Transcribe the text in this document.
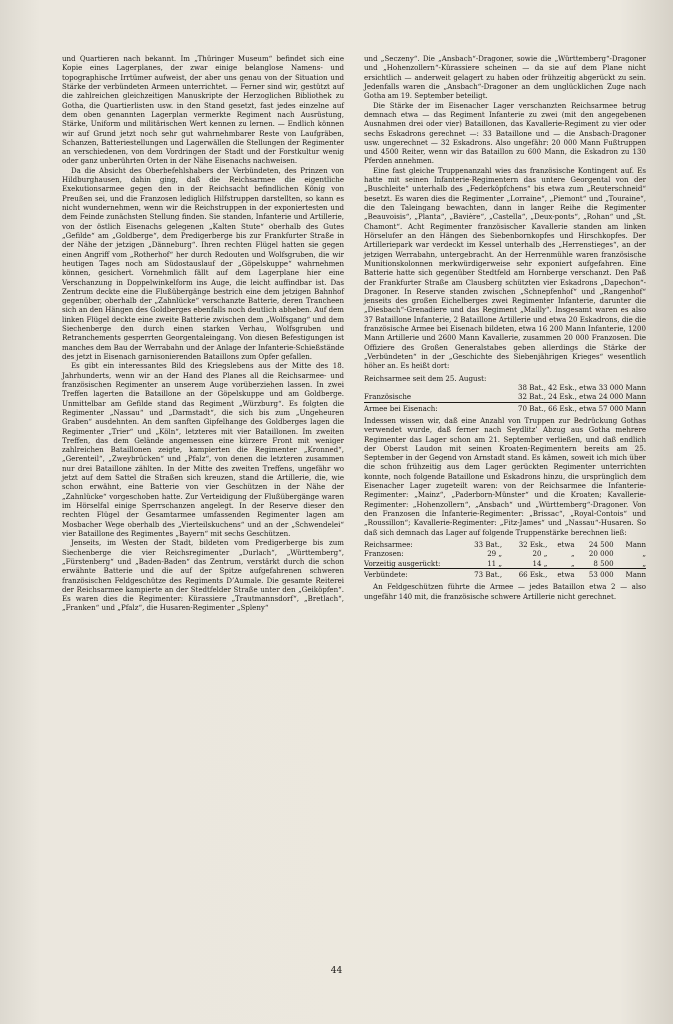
und Quartieren nach bekannt. Im „Thüringer Museum“ befindet sich eine Kopie eines Lagerplanes, der zwar einige belanglose Namens- und topographische Irrtümer aufweist, der aber uns genau von der Situation und Stärke der verbündeten Armeen unterrichtet. — Ferner sind wir, gestützt auf die zahlreichen gleichzeitigen Manuskripte der Herzoglichen Bibliothek zu Gotha, die Quartierlisten usw. in den Stand gesetzt, fast jedes einzelne auf dem oben genannten Lagerplan vermerkte Regiment nach Ausrüstung, Stärke, Uniform und militärischen Wert kennen zu lernen. — Endlich können wir auf Grund jetzt noch sehr gut wahrnehmbarer Reste von Laufgräben, Schanzen, Batteriestellungen und Lagerwällen die Stellungen der Regimenter an verschiedenen, von dem Vordringen der Stadt und der Forstkultur wenig oder ganz unberührten Orten in der Nähe Eisenachs nachweisen.

Da die Absicht des Oberbefehlshabers der Verbündeten, des Prinzen von Hildburghausen, dahin ging, daß die Reichsarmee die eigentliche Exekutionsarmee gegen den in der Reichsacht befindlichen König von Preußen sei, und die Franzosen lediglich Hilfstruppen darstellten, so kann es nicht wundernehmen, wenn wir die Reichstruppen in der exponiertesten und dem Feinde zunächsten Stellung finden. Sie standen, Infanterie und Artillerie, von der östlich Eisenachs gelegenen „Kalten Stute“ oberhalb des Gutes „Gefilde“ am „Goldberge“, dem Predigerberge bis zur Frankfurter Straße in der Nähe der jetzigen „Dänneburg“. Ihren rechten Flügel hatten sie gegen einen Angriff vom „Rotherhof“ her durch Redouten und Wolfsgruben, die wir heutigen Tages noch am Südostauslauf der „Göpelskuppe“ wahrnehmen können, gesichert. Vornehmlich fällt auf dem Lagerplane hier eine Verschanzung in Doppelwinkelform ins Auge, die leicht auffindbar ist. Das Zentrum deckte eine die Flußübergänge bestrich eine dem jetzigen Bahnhof gegenüber, oberhalb der „Zahnlücke“ verschanzte Batterie, deren Trancheen sich an den Hängen des Goldberges ebenfalls noch deutlich abheben. Auf dem linken Flügel deckte eine zweite Batterie zwischen dem „Wolfsgang“ und dem Siechenberge den durch einen starken Verhau, Wolfsgruben und Retranchements gesperrten Georgentaleingang. Von diesen Befestigungen ist manches dem Bau der Werrabahn und der Anlage der Infanterie-Schießstände des jetzt in Eisenach garnisonierenden Bataillons zum Opfer gefallen.

Es gibt ein interessantes Bild des Kriegslebens aus der Mitte des 18. Jahrhunderts, wenn wir an der Hand des Planes all die Reichsarmee- und französischen Regimenter an unserem Auge vorüberziehen lassen. In zwei Treffen lagerten die Bataillone an der Göpelskuppe und am Goldberge. Unmittelbar am Gefilde stand das Regiment „Würzburg“. Es folgten die Regimenter „Nassau“ und „Darmstadt“, die sich bis zum „Ungeheuren Graben“ ausdehnten. An dem sanften Gipfelhange des Goldberges lagen die Regimenter „Trier“ und „Köln“, letzteres mit vier Bataillonen. Im zweiten Treffen, das dem Gelände angemessen eine kürzere Front mit weniger zahlreichen Bataillonen zeigte, kampierten die Regimenter „Kronned“, „Gerenteil“, „Zweybrücken“ und „Pfalz“, von denen die letzteren zusammen nur drei Bataillone zählten. In der Mitte des zweiten Treffens, ungefähr wo jetzt auf dem Sattel die Straßen sich kreuzen, stand die Artillerie, die, wie schon erwähnt, eine Batterie von vier Geschützen in der Nähe der „Zahnlücke“ vorgeschoben hatte. Zur Verteidigung der Flußübergänge waren im Hörselfal einige Sperrschanzen angelegt. In der Reserve dieser den rechten Flügel der Gesamtarmee umfassenden Regimenter lagen am Mosbacher Wege oberhalb des „Vierteilskuchens“ und an der „Schwendelei“ vier Bataillone des Regimentes „Bayern“ mit sechs Geschützen.

Jenseits, im Westen der Stadt, bildeten vom Predigerberge bis zum Siechenberge die vier Reichsregimenter „Durlach“, „Württemberg“, „Fürstenberg“ und „Baden-Baden“ das Zentrum, verstärkt durch die schon erwähnte Batterie und die auf der Spitze aufgefahrenen schweren französischen Feldgeschütze des Regiments D’Aumale. Die gesamte Reiterei der Reichsarmee kampierte an der Stedtfelder Straße unter den „Geiköpfen“. Es waren dies die Regimenter: Kürassiere „Trautmannsdorf“, „Bretlach“, „Franken“ und „Pfalz“, die Husaren-Regimenter „Spleny“

und „Seczeny“. Die „Ansbach“-Dragoner, sowie die „Württemberg“-Dragoner und „Hohenzollern“-Kürassiere scheinen — da sie auf dem Plane nicht ersichtlich — anderweit gelagert zu haben oder frühzeitig abgerückt zu sein. Jedenfalls waren die „Ansbach“-Dragoner an dem unglücklichen Zuge nach Gotha am 19. September beteiligt.

Die Stärke der im Eisenacher Lager verschanzten Reichsarmee betrug demnach etwa — das Regiment Infanterie zu zwei (mit den angegebenen Ausnahmen drei oder vier) Bataillonen, das Kavallerie-Regiment zu vier oder sechs Eskadrons gerechnet —: 33 Bataillone und — die Ansbach-Dragoner usw. ungerechnet — 32 Eskadrons. Also ungefähr: 20 000 Mann Fußtruppen und 4500 Reiter, wenn wir das Bataillon zu 600 Mann, die Eskadron zu 130 Pferden annehmen.

Eine fast gleiche Truppenanzahl wies das französische Kontingent auf. Es hatte mit seinen Infanterie-Regimentern das untere Georgental von der „Buschleite“ unterhalb des „Federköpfchens“ bis etwa zum „Reuterschneid“ besetzt. Es waren dies die Regimenter „Lorraine“, „Piemont“ und „Touraine“, die den Taleingang bewachten, dann in langer Reihe die Regimenter „Beauvoisis“, „Planta“, „Bavière“, „Castella“, „Deux-ponts“, „Rohan“ und „St. Chamont“. Acht Regimenter französischer Kavallerie standen am linken Hörselufer an den Hängen des Siebenbornkopfes und Hirschkopfes. Der Artilleriepark war verdeckt im Kessel unterhalb des „Herrenstieges“, an der jetzigen Werrabahn, untergebracht. An der Herrenmühle waren französische Munitionskolonnen merkwürdigerweise sehr exponiert aufgefahren. Eine Batterie hatte sich gegenüber Stedtfeld am Hornberge verschanzt. Den Paß der Frankfurter Straße am Clausberg schützten vier Eskadrons „Dapechon“-Dragoner. In Reserve standen zwischen „Schnepfenhof“ und „Rangenhof“ jenseits des großen Eichelberges zwei Regimenter Infanterie, darunter die „Diesbach“-Grenadiere und das Regiment „Mailly“. Insgesamt waren es also 37 Bataillone Infanterie, 2 Bataillone Artillerie und etwa 20 Eskadrons, die die französische Armee bei Eisenach bildeten, etwa 16 200 Mann Infanterie, 1200 Mann Artillerie und 2600 Mann Kavallerie, zusammen 20 000 Franzosen. Die Offiziere des Großen Generalstabes geben allerdings die Stärke der „Verbündeten“ in der „Geschichte des Siebenjährigen Krieges“ wesentlich höher an. Es heißt dort:

Reichsarmee seit dem 25. August:
	38 Bat., 42 Esk., etwa 33 000 Mann
Französische	32 Bat., 24 Esk., etwa 24 000 Mann
Armee bei Eisenach:	70 Bat., 66 Esk., etwa 57 000 Mann

Indessen wissen wir, daß eine Anzahl von Truppen zur Bedrückung Gothas verwendet wurde, daß ferner nach Seydlitz’ Abzug aus Gotha mehrere Regimenter das Lager schon am 21. September verließen, und daß endlich der Oberst Laudon mit seinen Kroaten-Regimentern bereits am 25. September in der Gegend von Arnstadt stand. Es kämen, soweit ich mich über die schon frühzeitig aus dem Lager gerückten Regimenter unterrichten konnte, noch folgende Bataillone und Eskadrons hinzu, die ursprünglich dem Eisenacher Lager zugeteilt waren: von der Reichsarmee die Infanterie-Regimenter: „Mainz“, „Paderborn-Münster“ und die Kroaten; Kavallerie-Regimenter: „Hohenzollern“, „Ansbach“ und „Württemberg“-Dragoner. Von den Franzosen die Infanterie-Regimenter: „Brissac“, „Royal-Contois“ und „Roussillon“; Kavallerie-Regimenter: „Fitz-James“ und „Nassau“-Husaren. So daß sich demnach das Lager auf folgende Truppenstärke berechnen ließ:

Reichsarmee:	33 Bat.,	32 Esk.,	etwa	24 500	Mann
Franzosen:	29 „	20 „	„	20 000	„
Vorzeitig ausgerückt:	11 „	14 „	„	8 500	„
Verbündete:	73 Bat.,	66 Esk.,	etwa	53 000	Mann

An Feldgeschützen führte die Armee — jedes Bataillon etwa 2 — also ungefähr 140 mit, die französische schwere Artillerie nicht gerechnet.

44
